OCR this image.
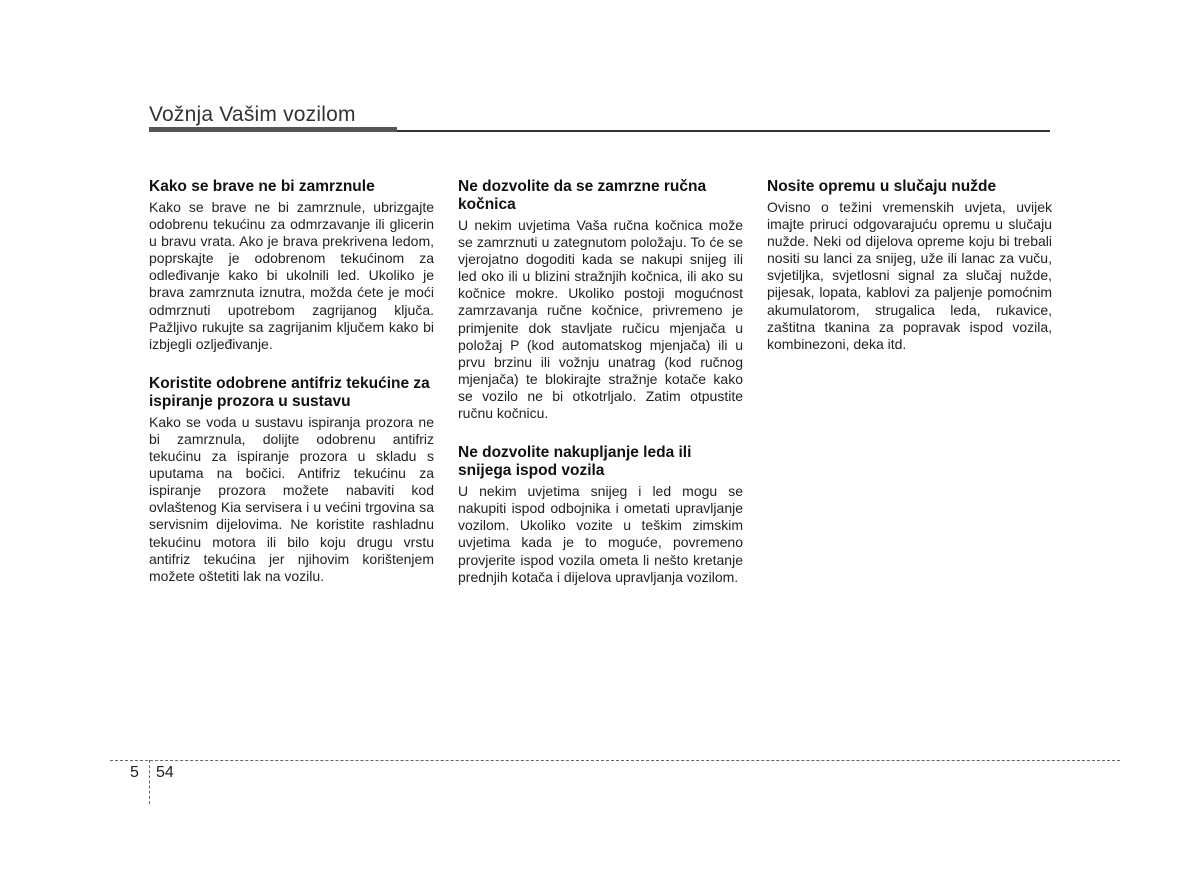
Vožnja Vašim vozilom

Kako se brave ne bi zamrznule

Kako se brave ne bi zamrznule, ubrizgajte odobrenu tekućinu za odmrzavanje ili glicerin u bravu vrata. Ako je brava prekrivena ledom, poprskajte je odobrenom tekućinom za odleđivanje kako bi ukolnili led. Ukoliko je brava zamrznuta iznutra, možda ćete je moći odmrznuti upotrebom zagrijanog ključa. Pažljivo rukujte sa zagrijanim ključem kako bi izbjegli ozljeđivanje.

Koristite odobrene antifriz tekućine za ispiranje prozora u sustavu

Kako se voda u sustavu ispiranja prozora ne bi zamrznula, dolijte odobrenu antifriz tekućinu za ispiranje prozora u skladu s uputama na bočici. Antifriz tekućinu za ispiranje prozora možete nabaviti kod ovlaštenog Kia servisera i u većini trgovina sa servisnim dijelovima. Ne koristite rashladnu tekućinu motora ili bilo koju drugu vrstu antifriz tekućina jer njihovim korištenjem možete oštetiti lak na vozilu.

Ne dozvolite da se zamrzne ručna kočnica

U nekim uvjetima Vaša ručna kočnica može se zamrznuti u zategnutom položaju. To će se vjerojatno dogoditi kada se nakupi snijeg ili led oko ili u blizini stražnjih kočnica, ili ako su kočnice mokre. Ukoliko postoji mogućnost zamrzavanja ručne kočnice, privremeno je primjenite dok stavljate ručicu mjenjača u položaj P (kod automatskog mjenjača) ili u prvu brzinu ili vožnju unatrag (kod ručnog mjenjača) te blokirajte stražnje kotače kako se vozilo ne bi otkotrljalo. Zatim otpustite ručnu kočnicu.

Ne dozvolite nakupljanje leda ili snijega ispod vozila

U nekim uvjetima snijeg i led mogu se nakupiti ispod odbojnika i ometati upravljanje vozilom. Ukoliko vozite u teškim zimskim uvjetima kada je to moguće, povremeno provjerite ispod vozila ometa li nešto kretanje prednjih kotača i dijelova upravljanja vozilom.

Nosite opremu u slučaju nužde

Ovisno o težini vremenskih uvjeta, uvijek imajte priruci odgovarajuću opremu u slučaju nužde. Neki od dijelova opreme koju bi trebali nositi su lanci za snijeg, uže ili lanac za vuču, svjetiljka, svjetlosni signal za slučaj nužde, pijesak, lopata, kablovi za paljenje pomoćnim akumulatorom, strugalica leda, rukavice, zaštitna tkanina za popravak ispod vozila, kombinezoni, deka itd.

5 54
